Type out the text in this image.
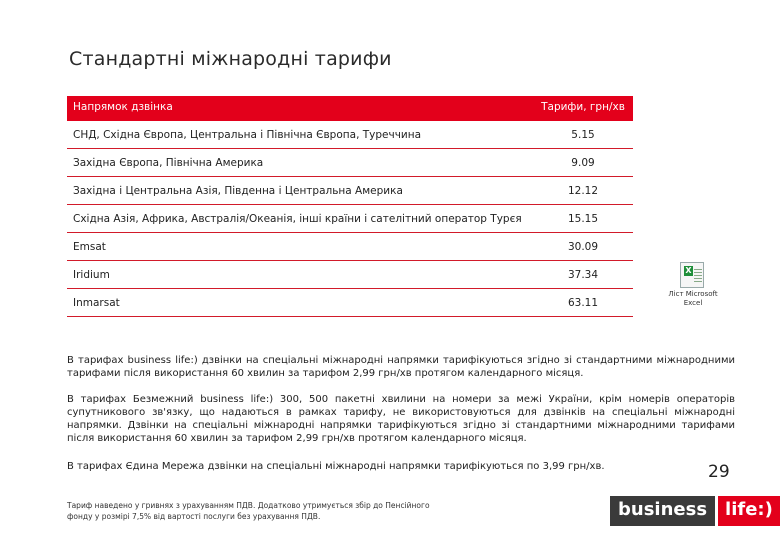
Стандартні міжнародні тарифи
Напрямок дзвінка	Тарифи, грн/хв
СНД, Східна Європа, Центральна і Північна Європа, Туреччина	5.15
Західна Європа, Північна Америка	9.09
Західна і Центральна Азія, Південна і Центральна Америка	12.12
Східна Азія, Африка, Австралія/Океанія, інші країни і сателітний оператор Турєя	15.15
Emsat	30.09
Iridium	37.34
Inmarsat	63.11
X
Ліст Microsoft Excel
В тарифах business life:) дзвінки на спеціальні міжнародні напрямки тарифікуються згідно зі стандартними міжнародними тарифами після використання 60 хвилин за тарифом 2,99 грн/хв протягом календарного місяця.
В тарифах Безмежний business life:) 300, 500 пакетні хвилини на номери за межі України, крім номерів операторів супутникового зв'язку, що надаються в рамках тарифу, не використовуються для дзвінків на спеціальні міжнародні напрямки. Дзвінки на спеціальні міжнародні напрямки тарифікуються згідно зі стандартними міжнародними тарифами після використання 60 хвилин за тарифом 2,99 грн/хв протягом календарного місяця.
В тарифах Єдина Мережа дзвінки на спеціальні міжнародні напрямки тарифікуються по 3,99 грн/хв.	29
Тариф наведено у гривнях з урахуванням ПДВ. Додатково утримується збір до Пенсійного фонду у розмірі 7,5% від вартості послуги без урахування ПДВ.	business	life:)
